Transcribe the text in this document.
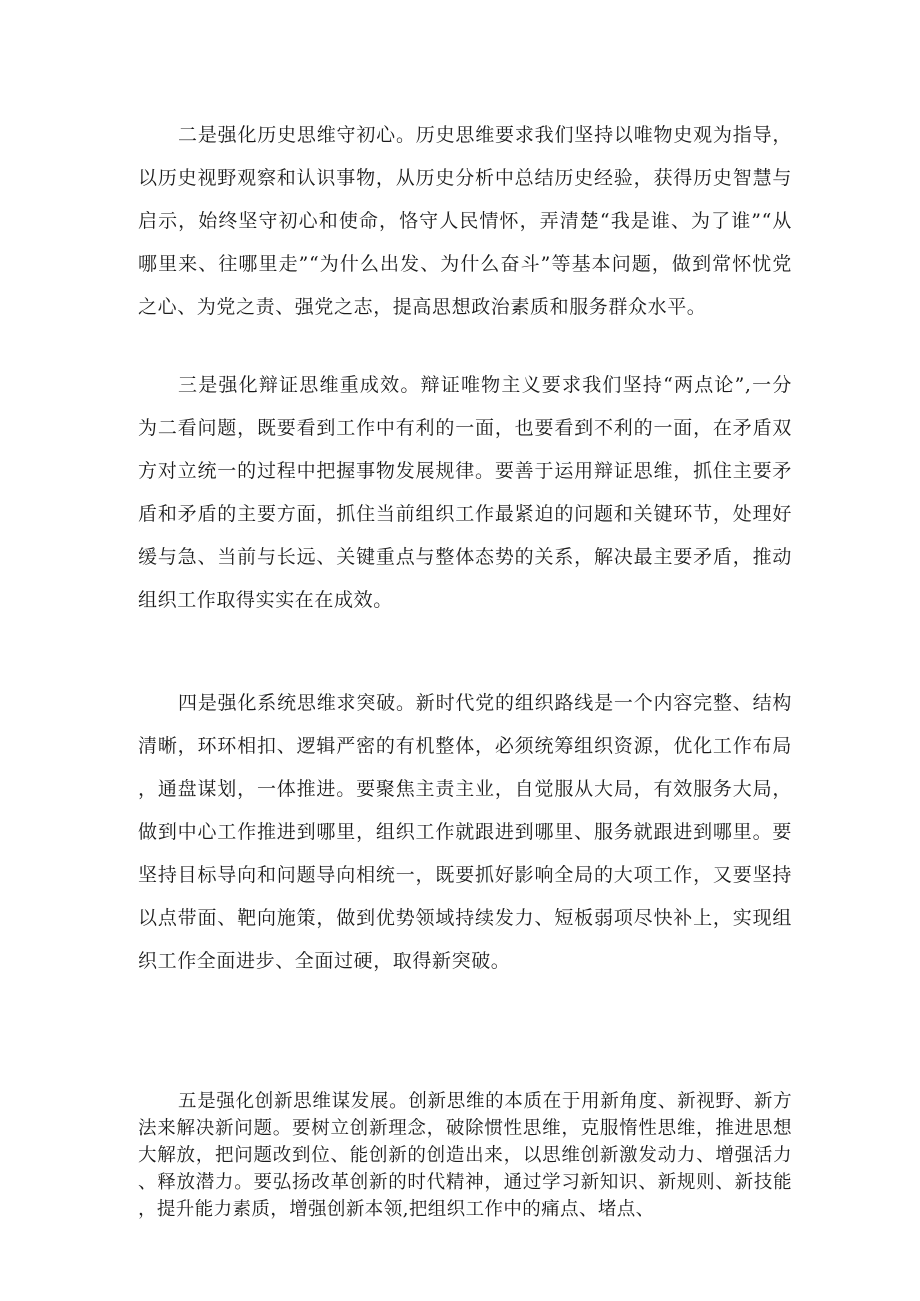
二是强化历史思维守初心。历史思维要求我们坚持以唯物史观为指导，以历史视野观察和认识事物，从历史分析中总结历史经验，获得历史智慧与启示，始终坚守初心和使命，恪守人民情怀，弄清楚“我是谁、为了谁”“从哪里来、往哪里走”“为什么出发、为什么奋斗”等基本问题，做到常怀忧党之心、为党之责、强党之志，提高思想政治素质和服务群众水平。

三是强化辩证思维重成效。辩证唯物主义要求我们坚持“两点论”,一分为二看问题，既要看到工作中有利的一面，也要看到不利的一面，在矛盾双方对立统一的过程中把握事物发展规律。要善于运用辩证思维，抓住主要矛盾和矛盾的主要方面，抓住当前组织工作最紧迫的问题和关键环节，处理好缓与急、当前与长远、关键重点与整体态势的关系，解决最主要矛盾，推动组织工作取得实实在在成效。

四是强化系统思维求突破。新时代党的组织路线是一个内容完整、结构清晰，环环相扣、逻辑严密的有机整体，必须统筹组织资源，优化工作布局，通盘谋划，一体推进。要聚焦主责主业，自觉服从大局，有效服务大局，做到中心工作推进到哪里，组织工作就跟进到哪里、服务就跟进到哪里。要坚持目标导向和问题导向相统一，既要抓好影响全局的大项工作，又要坚持以点带面、靶向施策，做到优势领域持续发力、短板弱项尽快补上，实现组织工作全面进步、全面过硬，取得新突破。

五是强化创新思维谋发展。创新思维的本质在于用新角度、新视野、新方法来解决新问题。要树立创新理念，破除惯性思维，克服惰性思维，推进思想大解放，把问题改到位、能创新的创造出来，以思维创新激发动力、增强活力、释放潜力。要弘扬改革创新的时代精神，通过学习新知识、新规则、新技能，提升能力素质，增强创新本领,把组织工作中的痛点、堵点、
